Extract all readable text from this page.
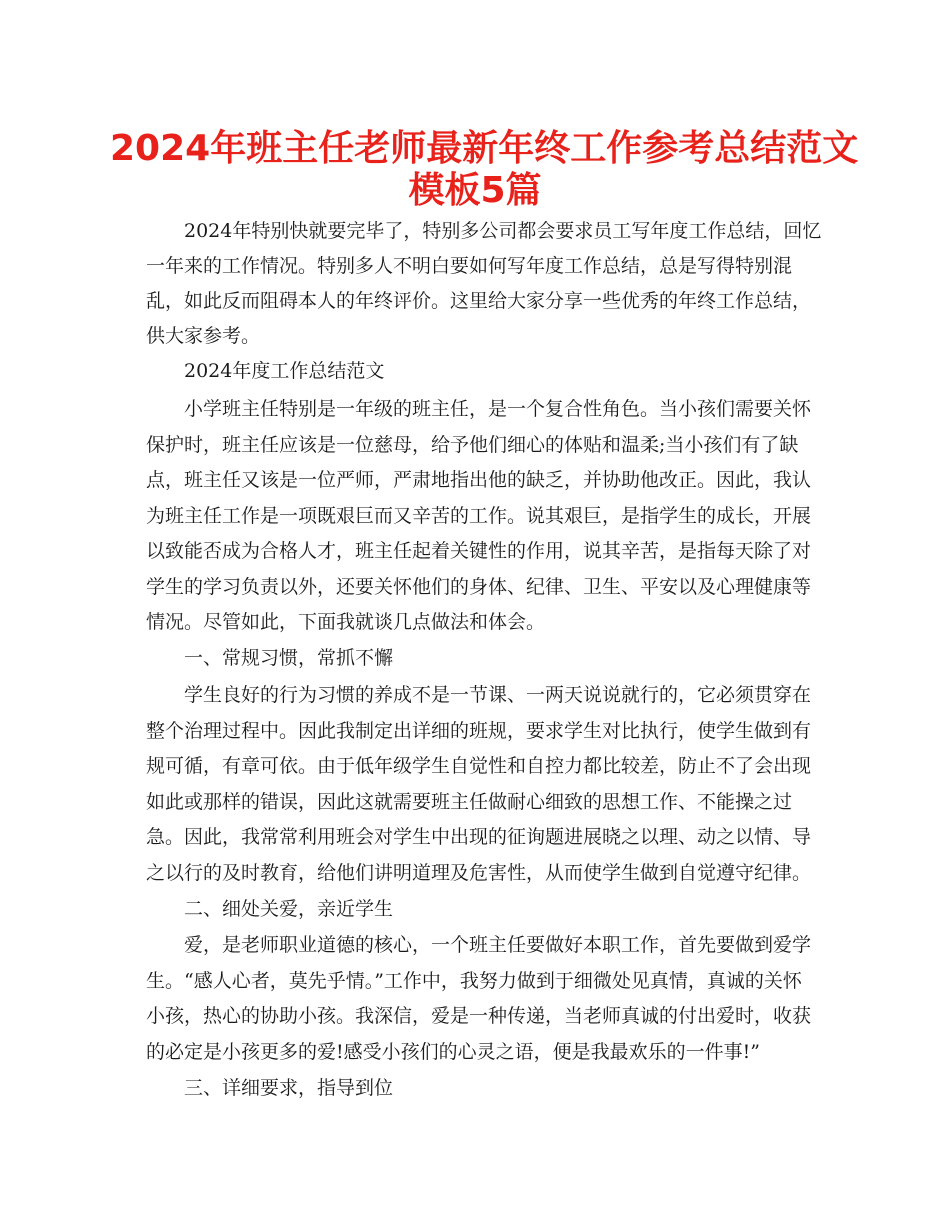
2024年班主任老师最新年终工作参考总结范文
模板5篇
2024年特别快就要完毕了，特别多公司都会要求员工写年度工作总结，回忆
一年来的工作情况。特别多人不明白要如何写年度工作总结，总是写得特别混
乱，如此反而阻碍本人的年终评价。这里给大家分享一些优秀的年终工作总结，
供大家参考。
2024年度工作总结范文
小学班主任特别是一年级的班主任，是一个复合性角色。当小孩们需要关怀
保护时，班主任应该是一位慈母，给予他们细心的体贴和温柔;当小孩们有了缺
点，班主任又该是一位严师，严肃地指出他的缺乏，并协助他改正。因此，我认
为班主任工作是一项既艰巨而又辛苦的工作。说其艰巨，是指学生的成长，开展
以致能否成为合格人才，班主任起着关键性的作用，说其辛苦，是指每天除了对
学生的学习负责以外，还要关怀他们的身体、纪律、卫生、平安以及心理健康等
情况。尽管如此，下面我就谈几点做法和体会。
一、常规习惯，常抓不懈
学生良好的行为习惯的养成不是一节课、一两天说说就行的，它必须贯穿在
整个治理过程中。因此我制定出详细的班规，要求学生对比执行，使学生做到有
规可循，有章可依。由于低年级学生自觉性和自控力都比较差，防止不了会出现
如此或那样的错误，因此这就需要班主任做耐心细致的思想工作、不能操之过
急。因此，我常常利用班会对学生中出现的征询题进展晓之以理、动之以情、导
之以行的及时教育，给他们讲明道理及危害性，从而使学生做到自觉遵守纪律。
二、细处关爱，亲近学生
爱，是老师职业道德的核心，一个班主任要做好本职工作，首先要做到爱学
生。“感人心者，莫先乎情。”工作中，我努力做到于细微处见真情，真诚的关怀
小孩，热心的协助小孩。我深信，爱是一种传递，当老师真诚的付出爱时，收获
的必定是小孩更多的爱!感受小孩们的心灵之语，便是我最欢乐的一件事!”
三、详细要求，指导到位
